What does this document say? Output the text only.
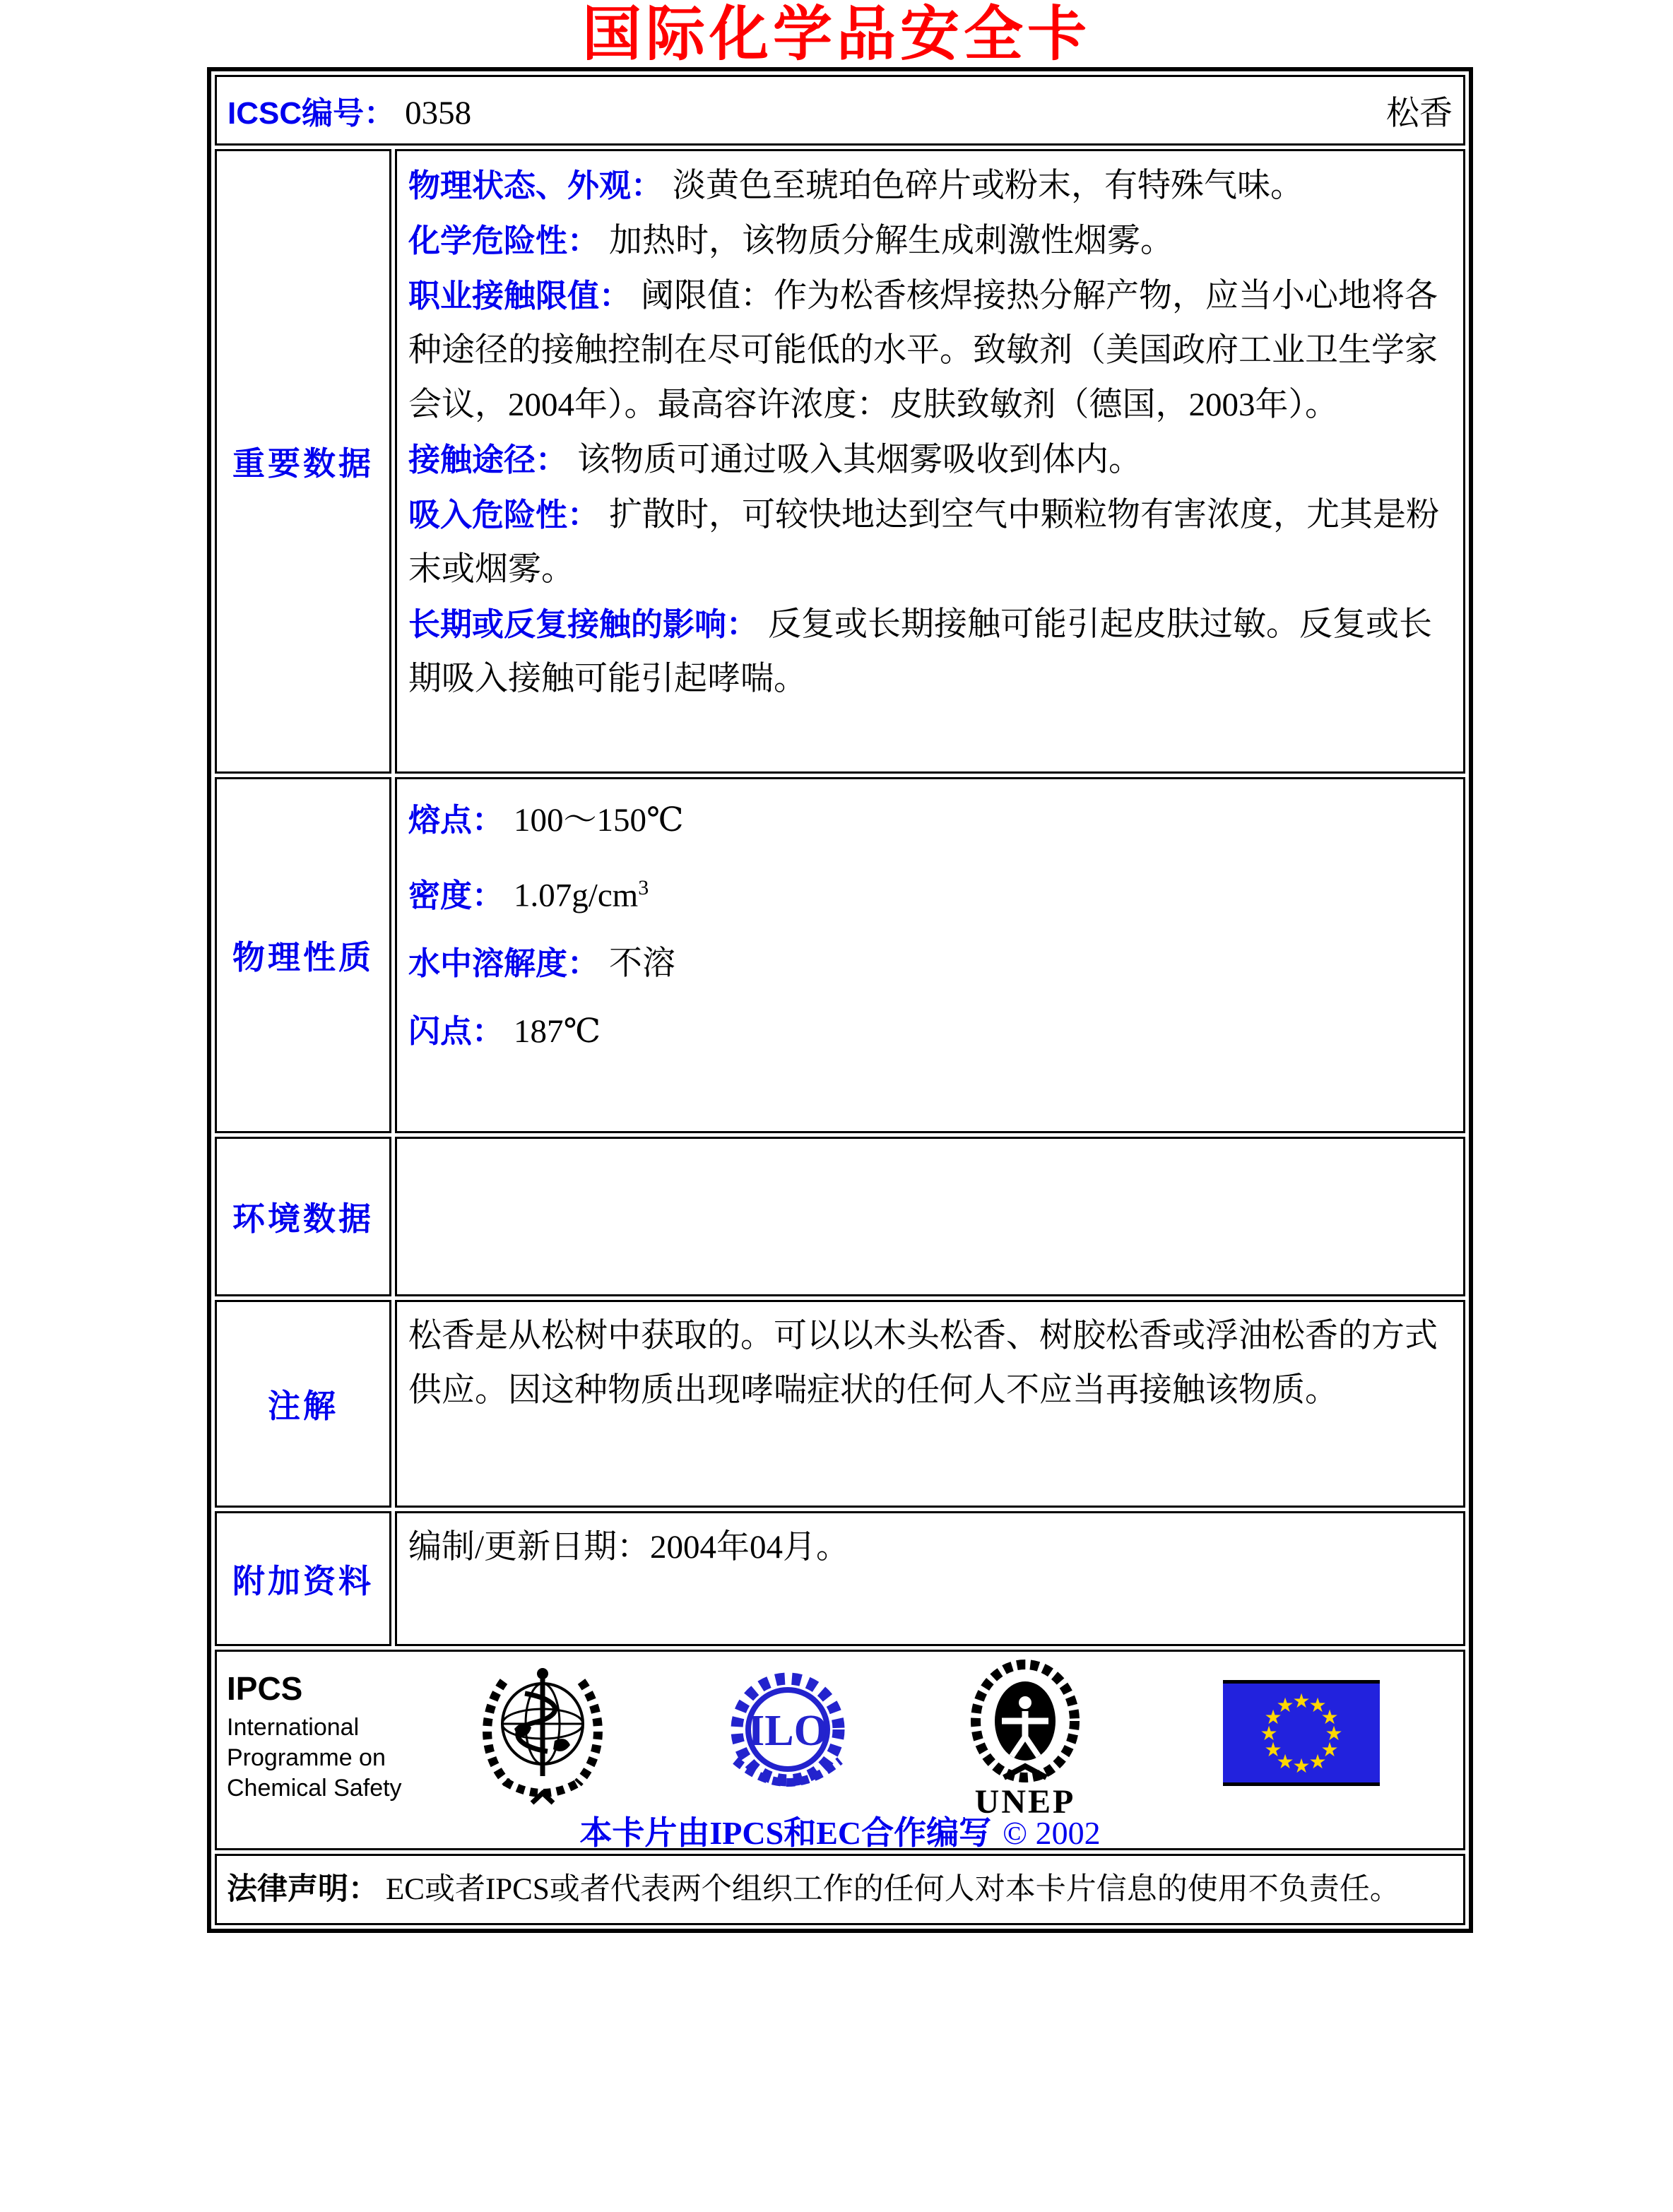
国际化学品安全卡
ICSC编号： 0358 松香	

重要数据	

物理状态、外观： 淡黄色至琥珀色碎片或粉末，有特殊气味。

化学危险性： 加热时，该物质分解生成刺激性烟雾。

职业接触限值： 阈限值：作为松香核焊接热分解产物，应当小心地将各种途径的接触控制在尽可能低的水平。致敏剂（美国政府工业卫生学家会议，2004年）。最高容许浓度：皮肤致敏剂（德国，2003年）。

接触途径： 该物质可通过吸入其烟雾吸收到体内。

吸入危险性： 扩散时，可较快地达到空气中颗粒物有害浓度，尤其是粉末或烟雾。

长期或反复接触的影响： 反复或长期接触可能引起皮肤过敏。反复或长期吸入接触可能引起哮喘。

物理性质	熔点： 100～150℃

密度： $1.07g/cm^3$

水中溶解度： 不溶

闪点： 187℃

环境数据	
注解	松香是从松树中获取的。可以以木头松香、树胶松香或浮油松香的方式供应。因这种物质出现哮喘症状的任何人不应当再接触该物质。

附加资料	编制/更新日期：2004年04月。

IPCS
International
Programme on
Chemical Safety
ILO
UNEP
★
★
★
★
★
★
★
★
★
★
★
★
本卡片由IPCS和EC合作编写 © 2002

法律声明： EC或者IPCS或者代表两个组织工作的任何人对本卡片信息的使用不负责任。	
